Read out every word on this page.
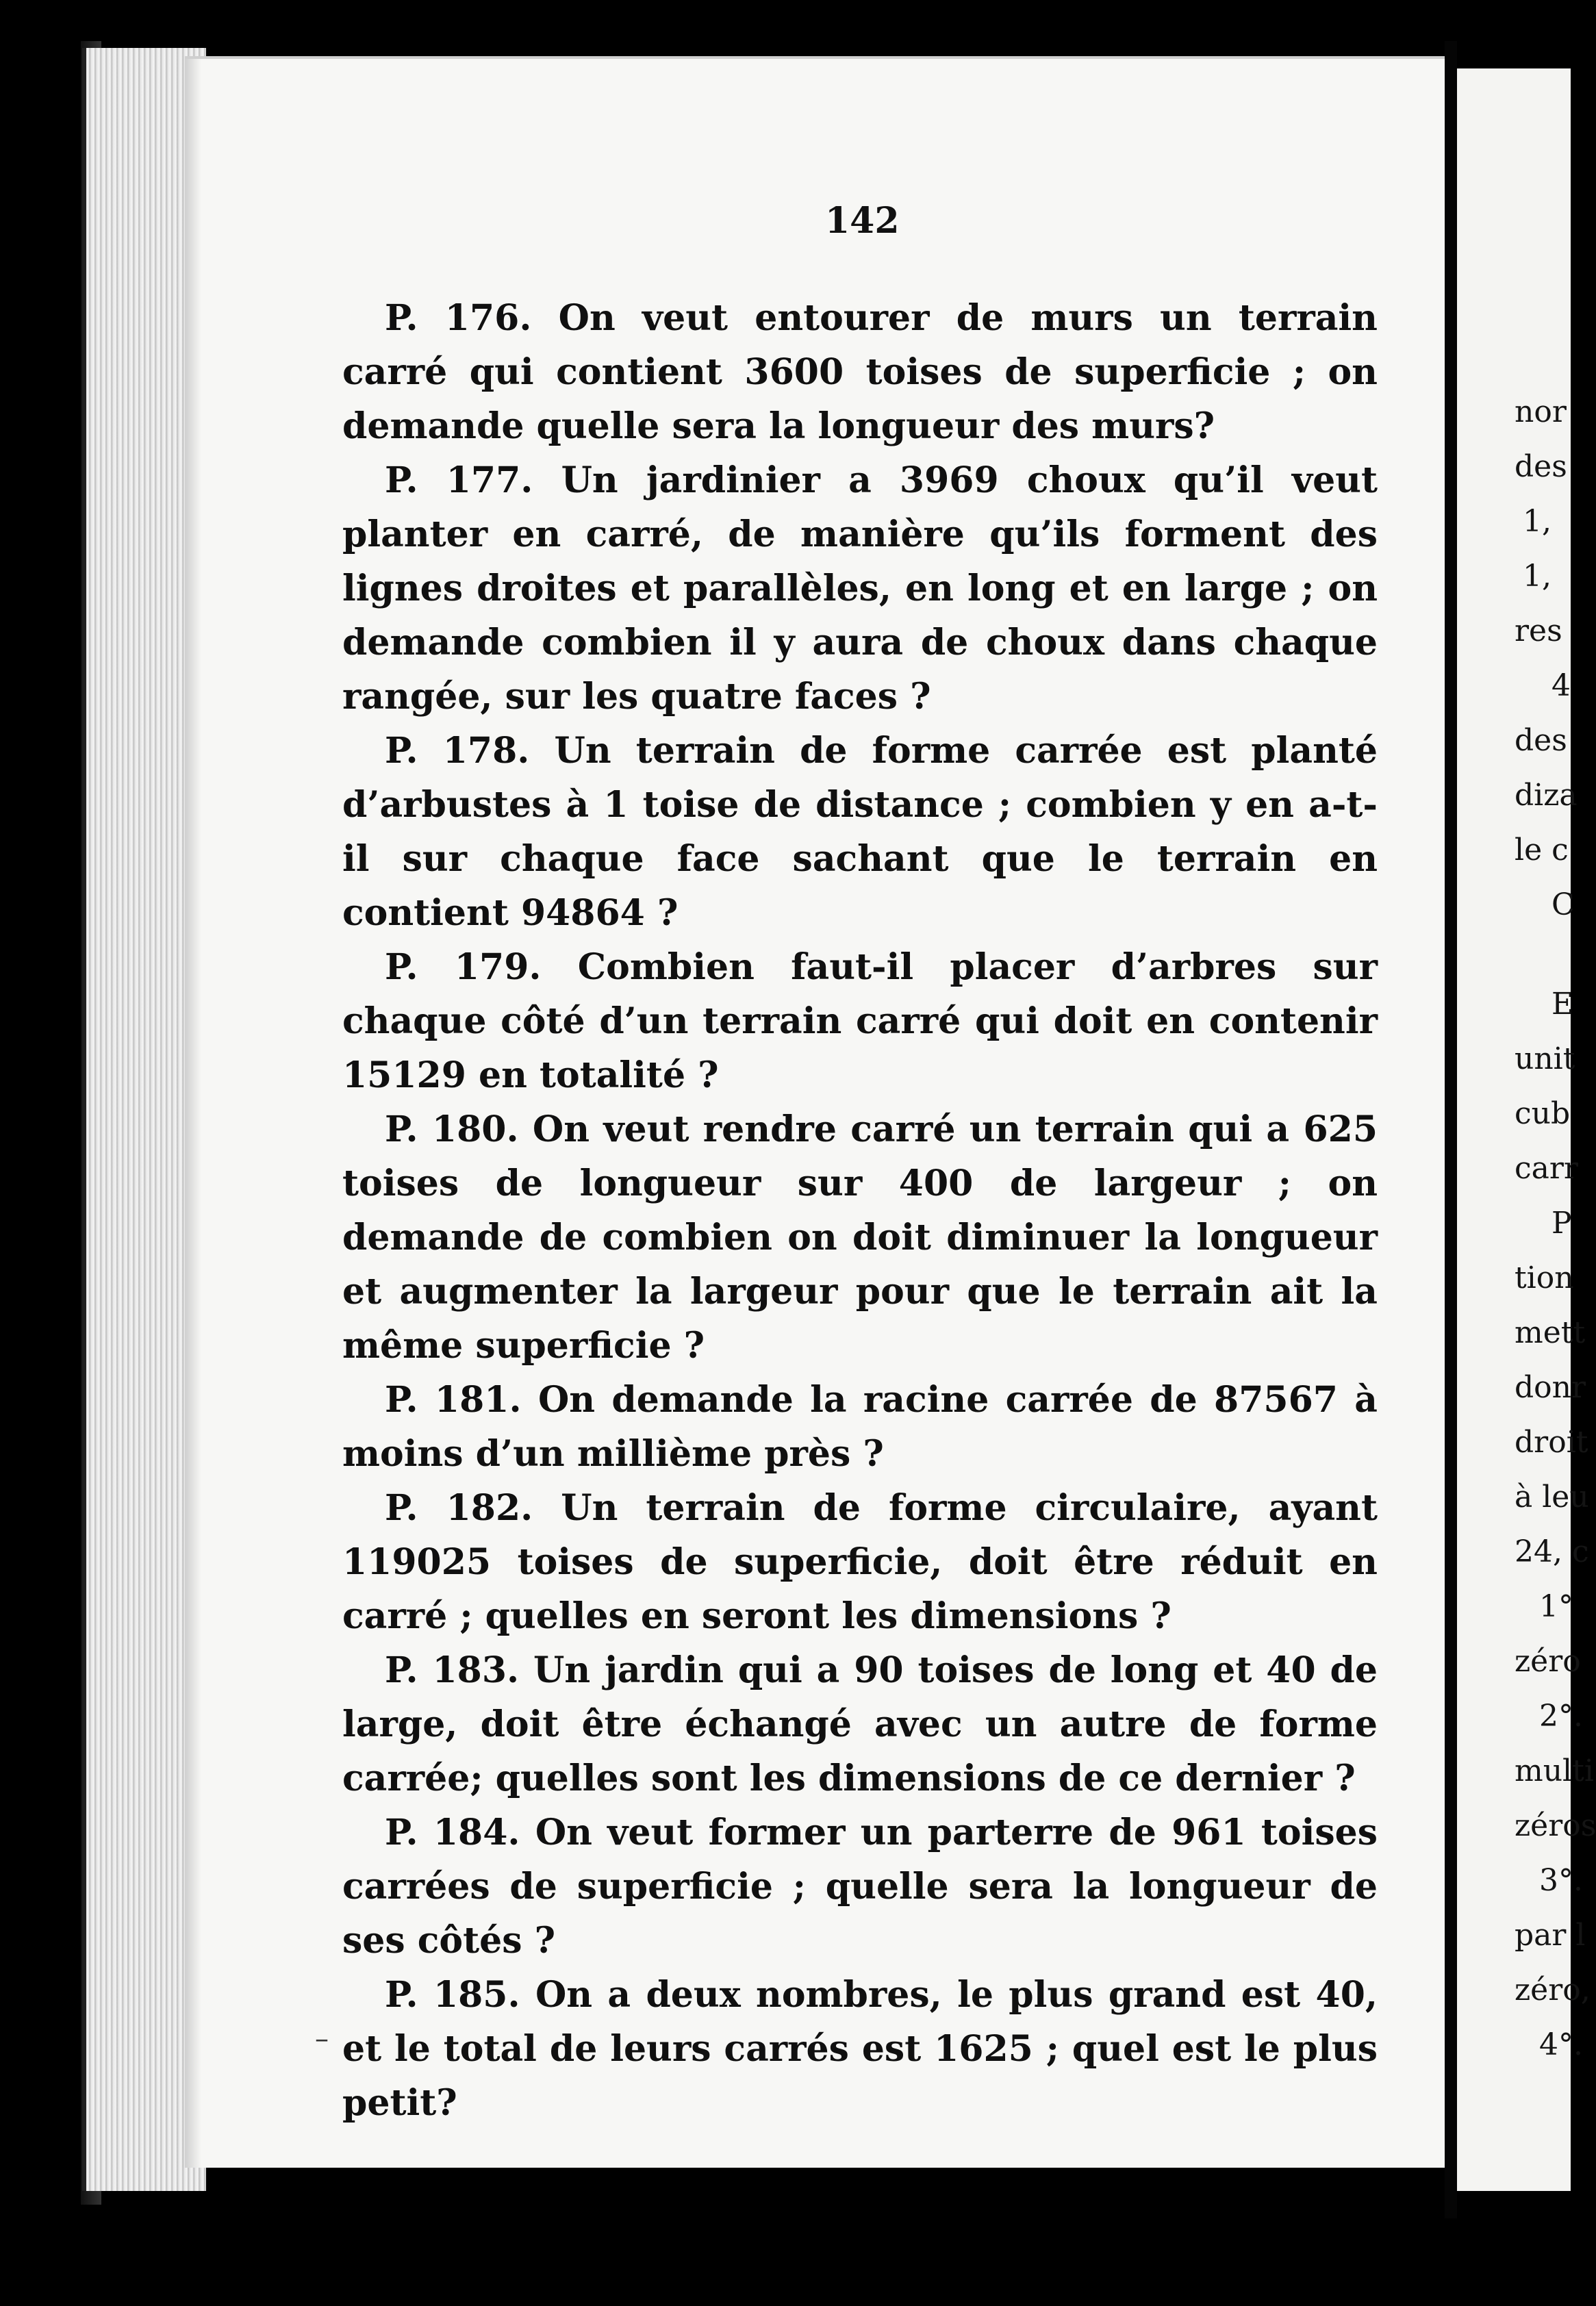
142

P. 176. On veut entourer de murs un terrain carré qui contient 3600 toises de superficie ; on demande quelle sera la longueur des murs?

P. 177. Un jardinier a 3969 choux qu’il veut planter en carré, de manière qu’ils forment des lignes droites et parallèles, en long et en large ; on demande combien il y aura de choux dans chaque rangée, sur les quatre faces ?

P. 178. Un terrain de forme carrée est planté d’arbustes à 1 toise de distance ; combien y en a-t-il sur chaque face sachant que le terrain en contient 94864 ?

P. 179. Combien faut-il placer d’arbres sur chaque côté d’un terrain carré qui doit en contenir 15129 en totalité ?

P. 180. On veut rendre carré un terrain qui a 625 toises de longueur sur 400 de largeur ; on demande de combien on doit diminuer la longueur et augmenter la largeur pour que le terrain ait la même superficie ?

P. 181. On demande la racine carrée de 87567 à moins d’un millième près ?

P. 182. Un terrain de forme circulaire, ayant 119025 toises de superficie, doit être réduit en carré ; quelles en seront les dimensions ?

P. 183. Un jardin qui a 90 toises de long et 40 de large, doit être échangé avec un autre de forme carrée; quelles sont les dimensions de ce dernier ?

P. 184. On veut former un parterre de 961 toises carrées de superficie ; quelle sera la longueur de ses côtés ?

P. 185. On a deux nombres, le plus grand est 40, et le total de leurs carrés est 1625 ; quel est le plus petit?

–
nor
des
1,
1,
res
4
des
diza
le c
C
E
unit
cub
carr
P
tion
mett
donr
droit
à leu
24, c
1°
zéro
2°.
multi
zéros
3°.
par l
zéro,
4°.
